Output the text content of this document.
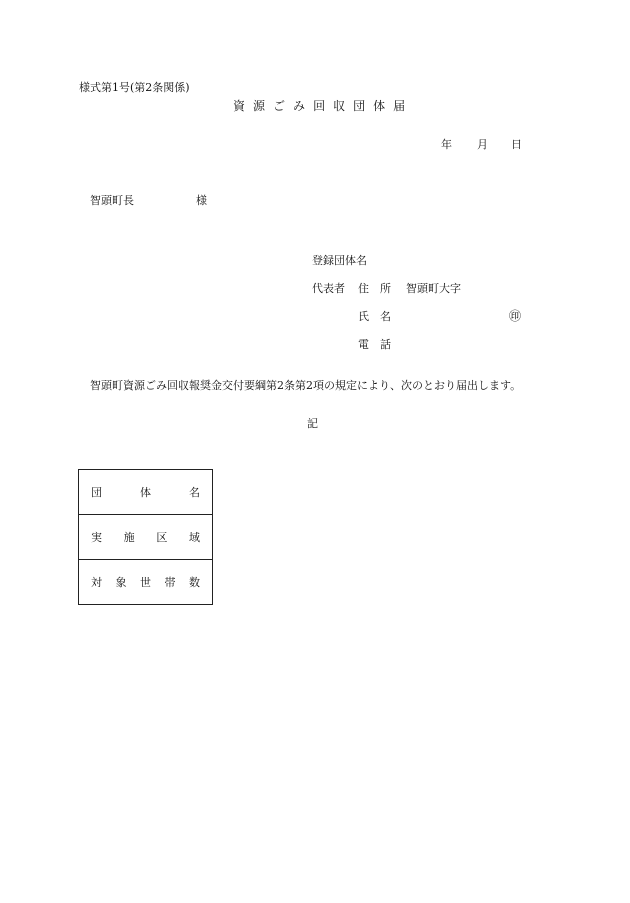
様式第1号(第2条関係)
資 源 ご み 回 収 団 体 届
年 月 日
智頭町長	様
登録団体名
代表者 住 所 智頭町大字
氏 名	㊞
電 話
智頭町資源ごみ回収報奨金交付要綱第2条第2項の規定により、次のとおり届出します。
記
団	体	名

実 施 区 域

対 象 世 帯 数
